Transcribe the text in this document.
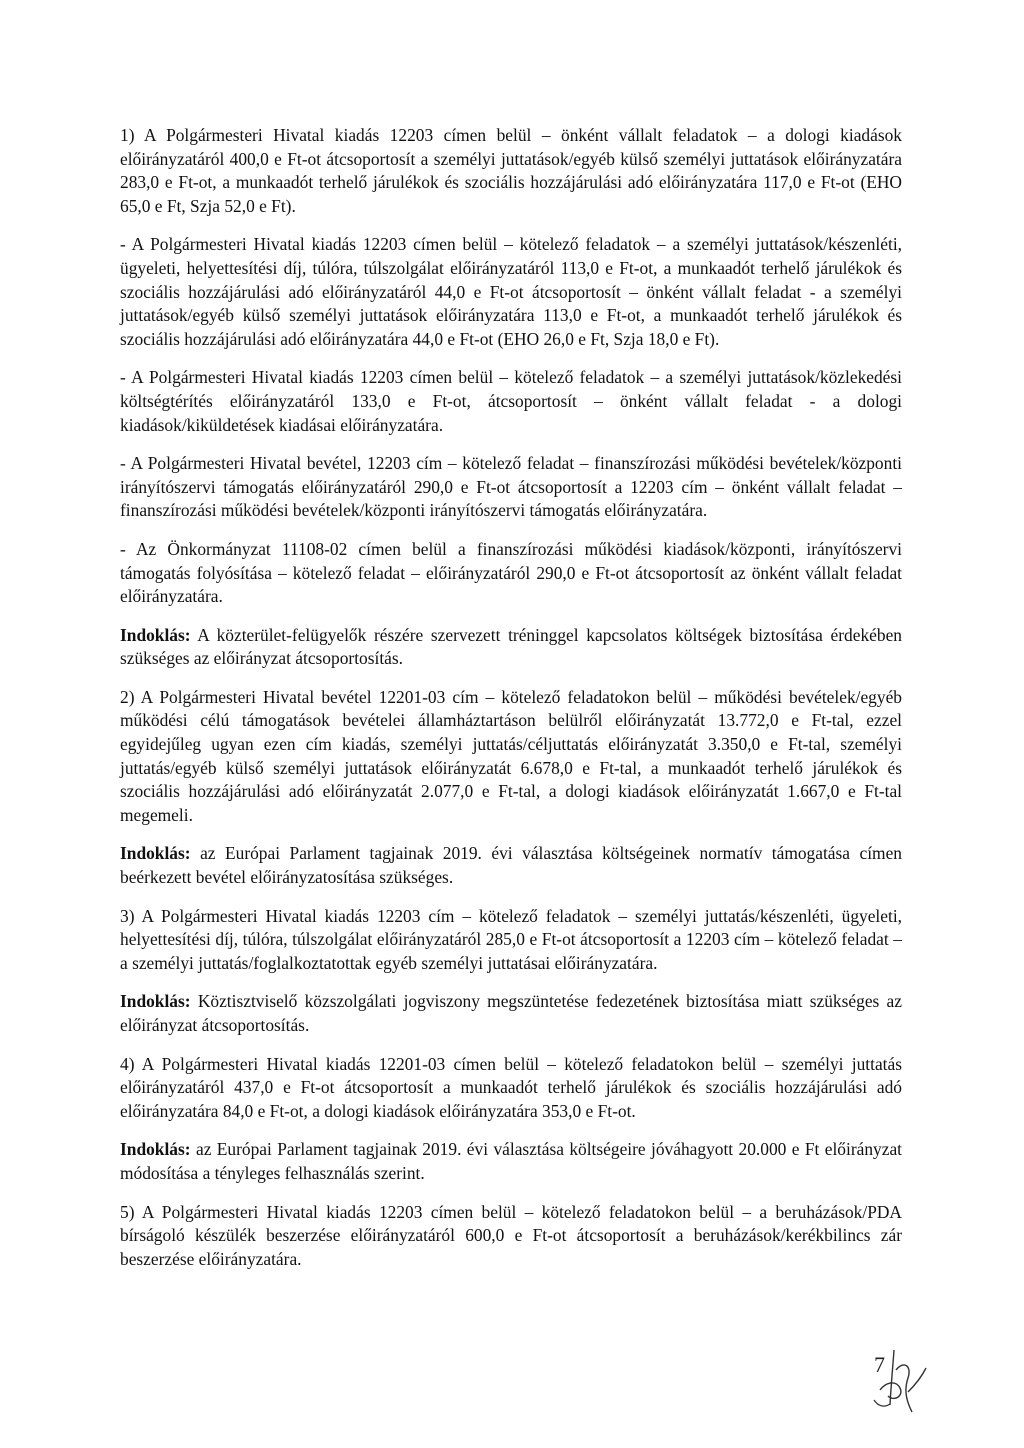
1) A Polgármesteri Hivatal kiadás 12203 címen belül – önként vállalt feladatok – a dologi kiadások előirányzatáról 400,0 e Ft-ot átcsoportosít a személyi juttatások/egyéb külső személyi juttatások előirányzatára 283,0 e Ft-ot, a munkaadót terhelő járulékok és szociális hozzájárulási adó előirányzatára 117,0 e Ft-ot (EHO 65,0 e Ft, Szja 52,0 e Ft).

- A Polgármesteri Hivatal kiadás 12203 címen belül – kötelező feladatok – a személyi juttatások/készenléti, ügyeleti, helyettesítési díj, túlóra, túlszolgálat előirányzatáról 113,0 e Ft-ot, a munkaadót terhelő járulékok és szociális hozzájárulási adó előirányzatáról 44,0 e Ft-ot átcsoportosít – önként vállalt feladat - a személyi juttatások/egyéb külső személyi juttatások előirányzatára 113,0 e Ft-ot, a munkaadót terhelő járulékok és szociális hozzájárulási adó előirányzatára 44,0 e Ft-ot (EHO 26,0 e Ft, Szja 18,0 e Ft).

- A Polgármesteri Hivatal kiadás 12203 címen belül – kötelező feladatok – a személyi juttatások/közlekedési költségtérítés előirányzatáról 133,0 e Ft-ot, átcsoportosít – önként vállalt feladat - a dologi kiadások/kiküldetések kiadásai előirányzatára.

- A Polgármesteri Hivatal bevétel, 12203 cím – kötelező feladat – finanszírozási működési bevételek/központi irányítószervi támogatás előirányzatáról 290,0 e Ft-ot átcsoportosít a 12203 cím – önként vállalt feladat – finanszírozási működési bevételek/központi irányítószervi támogatás előirányzatára.

- Az Önkormányzat 11108-02 címen belül a finanszírozási működési kiadások/központi, irányítószervi támogatás folyósítása – kötelező feladat – előirányzatáról 290,0 e Ft-ot átcsoportosít az önként vállalt feladat előirányzatára.

Indoklás: A közterület-felügyelők részére szervezett tréninggel kapcsolatos költségek biztosítása érdekében szükséges az előirányzat átcsoportosítás.

2) A Polgármesteri Hivatal bevétel 12201-03 cím – kötelező feladatokon belül – működési bevételek/egyéb működési célú támogatások bevételei államháztartáson belülről előirányzatát 13.772,0 e Ft-tal, ezzel egyidejűleg ugyan ezen cím kiadás, személyi juttatás/céljuttatás előirányzatát 3.350,0 e Ft-tal, személyi juttatás/egyéb külső személyi juttatások előirányzatát 6.678,0 e Ft-tal, a munkaadót terhelő járulékok és szociális hozzájárulási adó előirányzatát 2.077,0 e Ft-tal, a dologi kiadások előirányzatát 1.667,0 e Ft-tal megemeli.

Indoklás: az Európai Parlament tagjainak 2019. évi választása költségeinek normatív támogatása címen beérkezett bevétel előirányzatosítása szükséges.

3) A Polgármesteri Hivatal kiadás 12203 cím – kötelező feladatok – személyi juttatás/készenléti, ügyeleti, helyettesítési díj, túlóra, túlszolgálat előirányzatáról 285,0 e Ft-ot átcsoportosít a 12203 cím – kötelező feladat – a személyi juttatás/foglalkoztatottak egyéb személyi juttatásai előirányzatára.

Indoklás: Köztisztviselő közszolgálati jogviszony megszüntetése fedezetének biztosítása miatt szükséges az előirányzat átcsoportosítás.

4) A Polgármesteri Hivatal kiadás 12201-03 címen belül – kötelező feladatokon belül – személyi juttatás előirányzatáról 437,0 e Ft-ot átcsoportosít a munkaadót terhelő járulékok és szociális hozzájárulási adó előirányzatára 84,0 e Ft-ot, a dologi kiadások előirányzatára 353,0 e Ft-ot.

Indoklás: az Európai Parlament tagjainak 2019. évi választása költségeire jóváhagyott 20.000 e Ft előirányzat módosítása a tényleges felhasználás szerint.

5) A Polgármesteri Hivatal kiadás 12203 címen belül – kötelező feladatokon belül – a beruházások/PDA bírságoló készülék beszerzése előirányzatáról 600,0 e Ft-ot átcsoportosít a beruházások/kerékbilincs zár beszerzése előirányzatára.

7
